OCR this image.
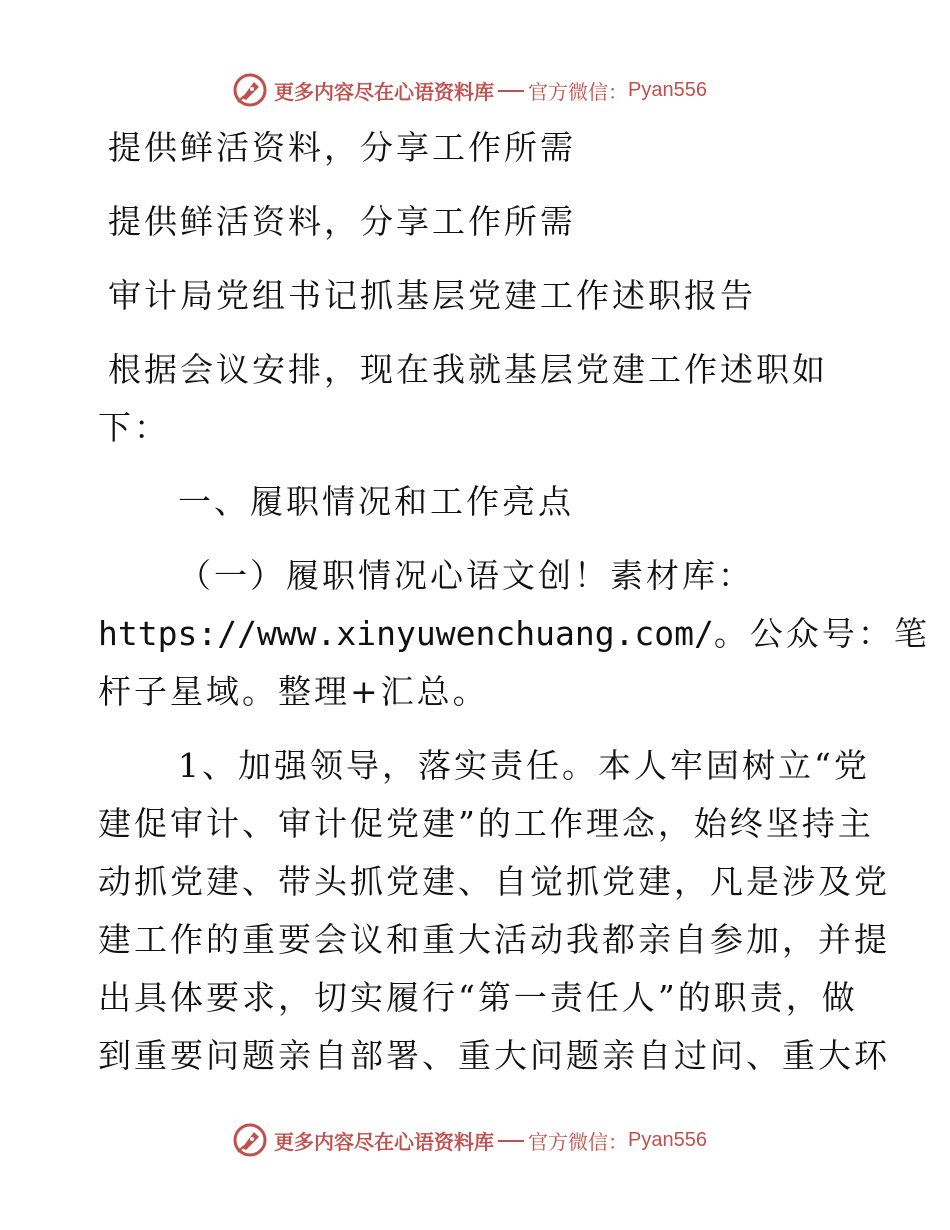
更多内容尽在心语资料库 官方微信： Pyan556
提供鲜活资料，分享工作所需
提供鲜活资料，分享工作所需
审计局党组书记抓基层党建工作述职报告
根据会议安排，现在我就基层党建工作述职如
下：
一、履职情况和工作亮点
（一）履职情况心语文创！素材库：
https://www.xinyuwenchuang.com/。公众号：笔
杆子星域。整理+汇总。
1、加强领导，落实责任。本人牢固树立“党
建促审计、审计促党建”的工作理念，始终坚持主
动抓党建、带头抓党建、自觉抓党建，凡是涉及党
建工作的重要会议和重大活动我都亲自参加，并提
出具体要求，切实履行“第一责任人”的职责，做
到重要问题亲自部署、重大问题亲自过问、重大环
更多内容尽在心语资料库 官方微信： Pyan556
